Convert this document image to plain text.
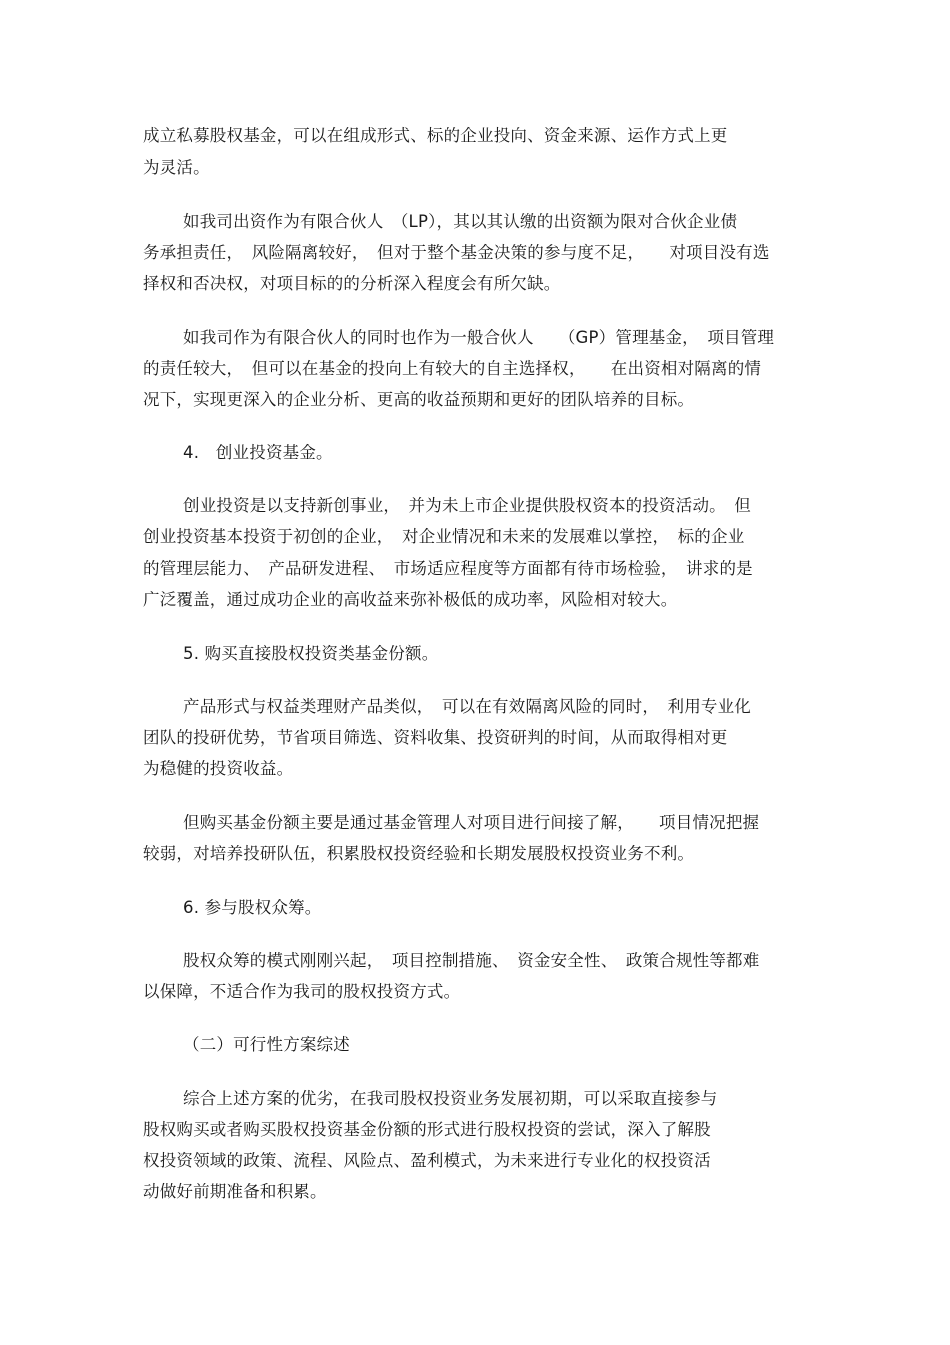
成立私募股权基金，可以在组成形式、标的企业投向、资金来源、运作方式上更
为灵活。
如我司出资作为有限合伙人　（LP），其以其认缴的出资额为限对合伙企业债
务承担责任，　风险隔离较好，　但对于整个基金决策的参与度不足，　　对项目没有选
择权和否决权，对项目标的的分析深入程度会有所欠缺。
如我司作为有限合伙人的同时也作为一般合伙人　　（GP）管理基金，　项目管理
的责任较大，　但可以在基金的投向上有较大的自主选择权，　　在出资相对隔离的情
况下，实现更深入的企业分析、更高的收益预期和更好的团队培养的目标。
4.　创业投资基金。
创业投资是以支持新创事业，　并为未上市企业提供股权资本的投资活动。　但
创业投资基本投资于初创的企业，　对企业情况和未来的发展难以掌控，　标的企业
的管理层能力、　产品研发进程、　市场适应程度等方面都有待市场检验，　讲求的是
广泛覆盖，通过成功企业的高收益来弥补极低的成功率，风险相对较大。
5. 购买直接股权投资类基金份额。
产品形式与权益类理财产品类似，　可以在有效隔离风险的同时，　利用专业化
团队的投研优势，节省项目筛选、资料收集、投资研判的时间，从而取得相对更
为稳健的投资收益。
但购买基金份额主要是通过基金管理人对项目进行间接了解，　　项目情况把握
较弱，对培养投研队伍，积累股权投资经验和长期发展股权投资业务不利。
6. 参与股权众筹。
股权众筹的模式刚刚兴起，　项目控制措施、　资金安全性、　政策合规性等都难
以保障，不适合作为我司的股权投资方式。
（二）可行性方案综述
综合上述方案的优劣，在我司股权投资业务发展初期，可以采取直接参与
股权购买或者购买股权投资基金份额的形式进行股权投资的尝试，深入了解股
权投资领域的政策、流程、风险点、盈利模式，为未来进行专业化的权投资活
动做好前期准备和积累。
